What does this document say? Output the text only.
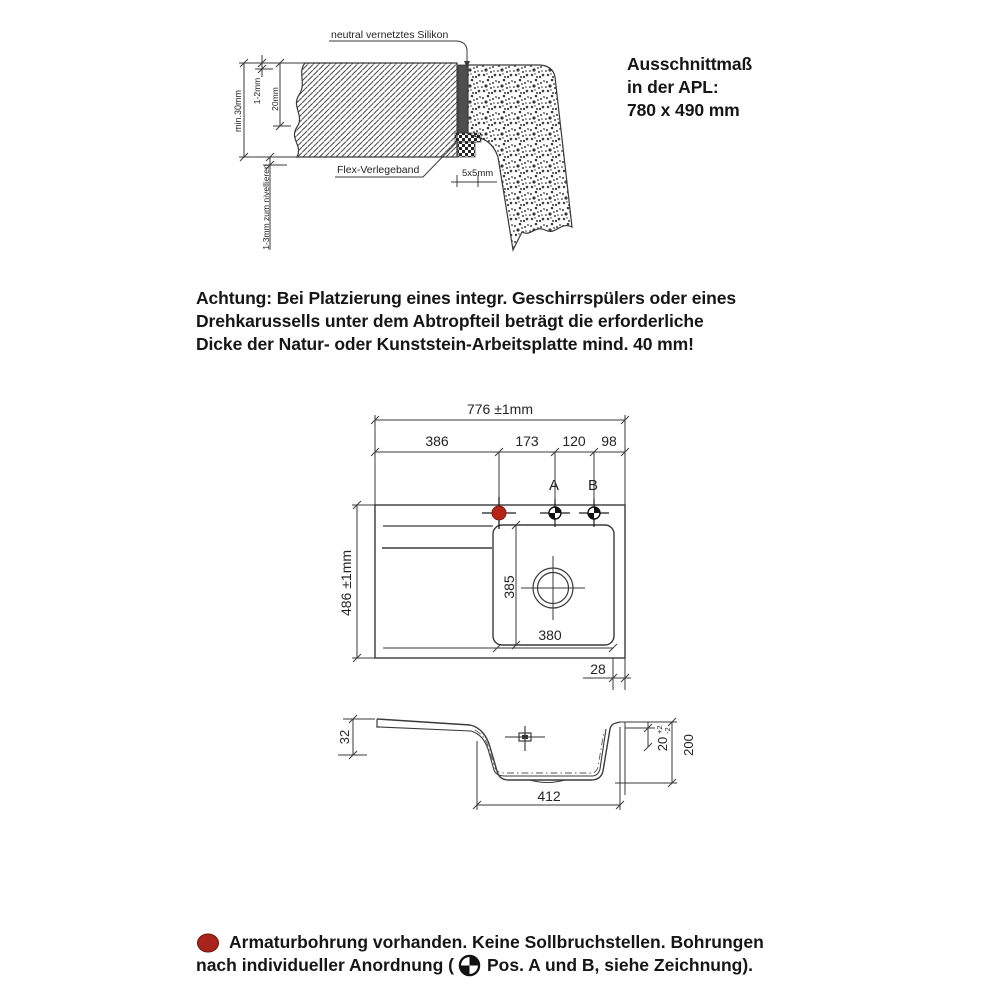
neutral vernetztes Silikon
Flex-Verlegeband	5x5mm
min.30mm 1-2mm 20mm
1-3mm zum nivellieren
Ausschnittmaß
in der APL:
780 x 490 mm
Achtung: Bei Platzierung eines integr. Geschirrspülers oder eines
Drehkarussells unter dem Abtropfteil beträgt die erforderliche
Dicke der Natur- oder Kunststein-Arbeitsplatte mind. 40 mm!
776 ±1mm
386	173 120 98
A B
486 ±1mm	385
380
28
32
412
20
+2 -2
200
Armaturbohrung vorhanden. Keine Sollbruchstellen. Bohrungen
nach individueller Anordnung ( Pos. A und B, siehe Zeichnung).
